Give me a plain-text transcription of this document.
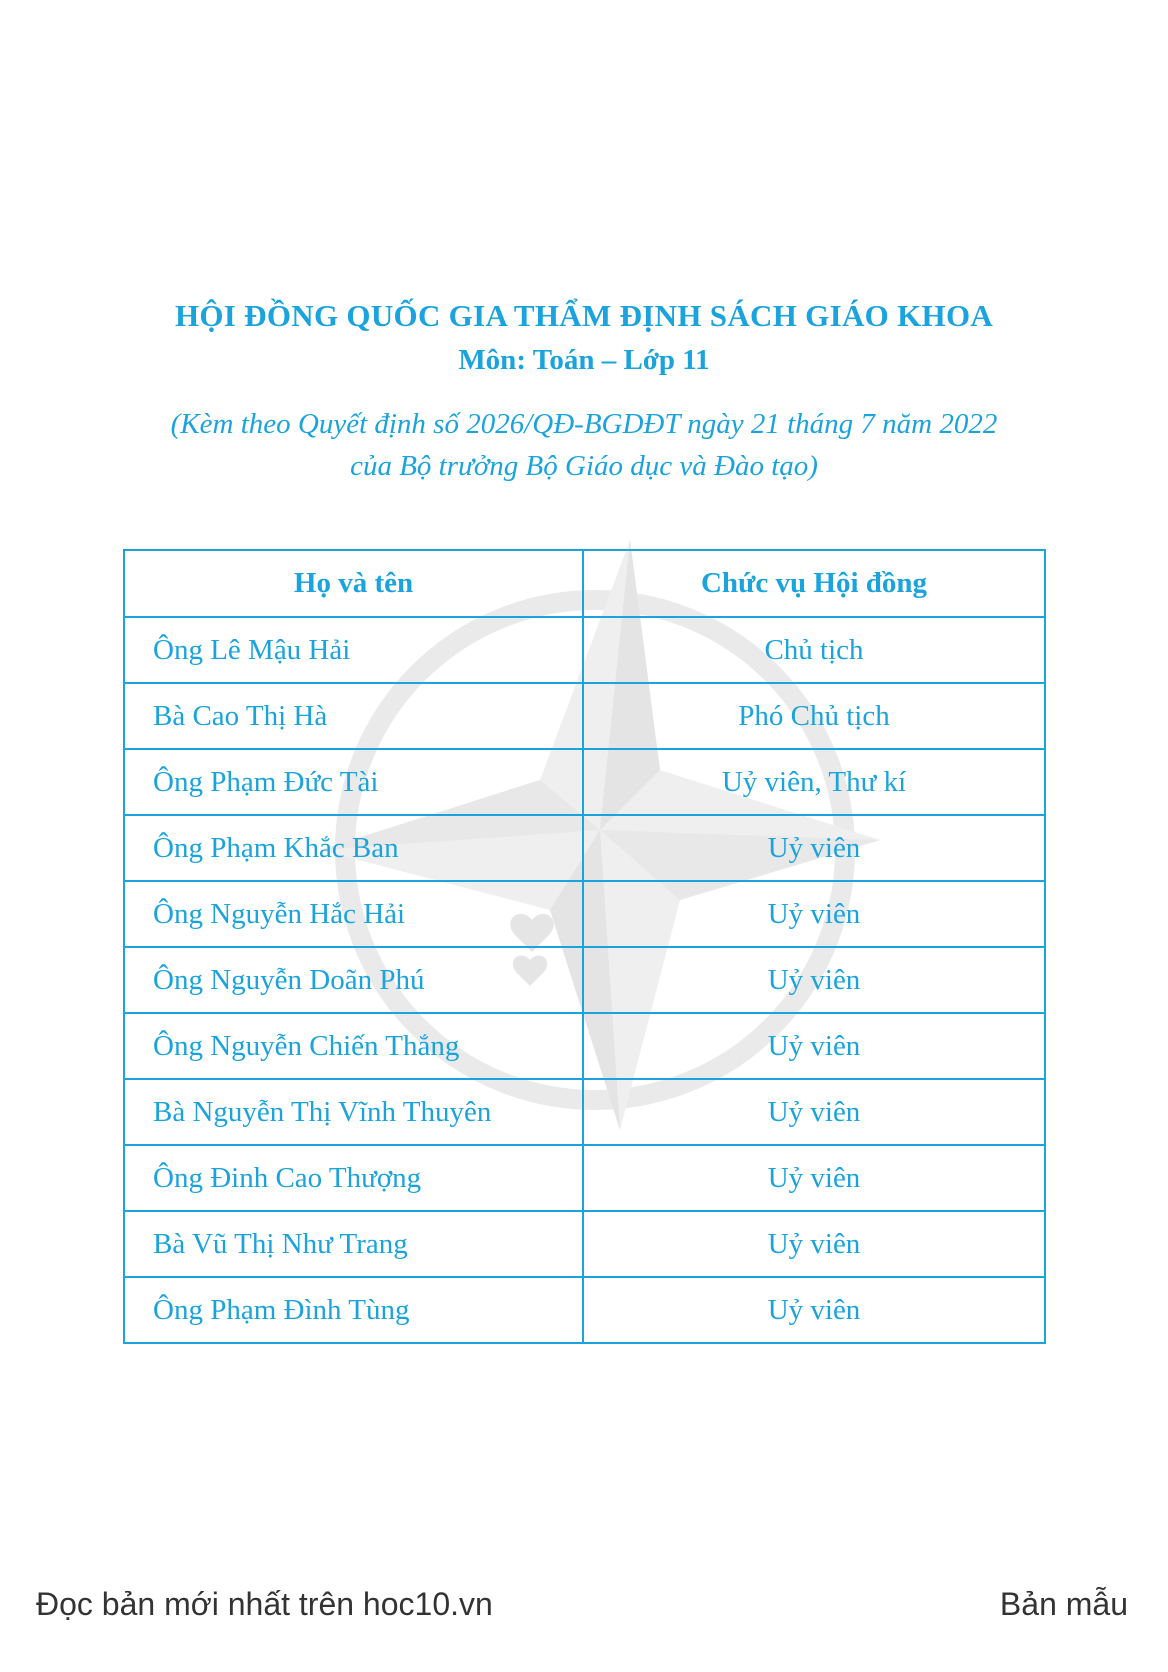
HỘI ĐỒNG QUỐC GIA THẨM ĐỊNH SÁCH GIÁO KHOA
Môn: Toán – Lớp 11
(Kèm theo Quyết định số 2026/QĐ-BGDĐT ngày 21 tháng 7 năm 2022
của Bộ trưởng Bộ Giáo dục và Đào tạo)
Họ và tên	Chức vụ Hội đồng
Ông Lê Mậu Hải	Chủ tịch
Bà Cao Thị Hà	Phó Chủ tịch
Ông Phạm Đức Tài	Uỷ viên, Thư kí
Ông Phạm Khắc Ban	Uỷ viên
Ông Nguyễn Hắc Hải	Uỷ viên
Ông Nguyễn Doãn Phú	Uỷ viên
Ông Nguyễn Chiến Thắng	Uỷ viên
Bà Nguyễn Thị Vĩnh Thuyên	Uỷ viên
Ông Đinh Cao Thượng	Uỷ viên
Bà Vũ Thị Như Trang	Uỷ viên
Ông Phạm Đình Tùng	Uỷ viên
Đọc bản mới nhất trên hoc10.vn	Bản mẫu
